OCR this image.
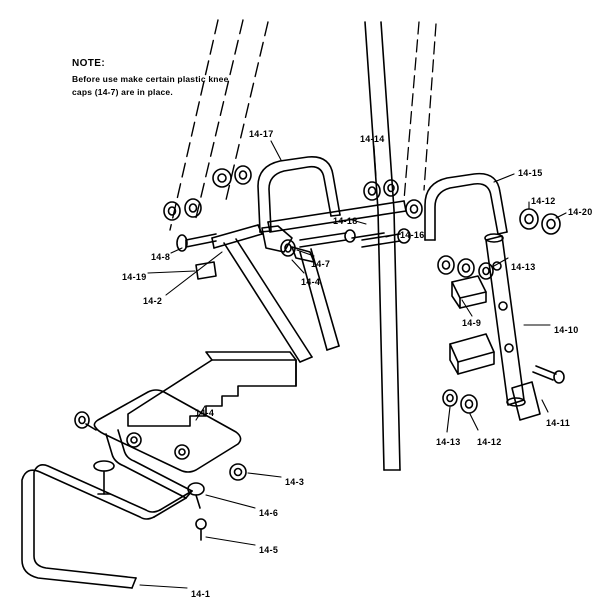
NOTE:

Before use make certain plastic knee

caps (14-7) are in place.

14-17	14-14
14-15
14-12
14-20
14-18
14-16
14-13
14-8
14-7
14-19	14-4
14-2
14-9
14-10
14-11
14-13 14-12
14-4
14-3
14-6
14-5
14-1
